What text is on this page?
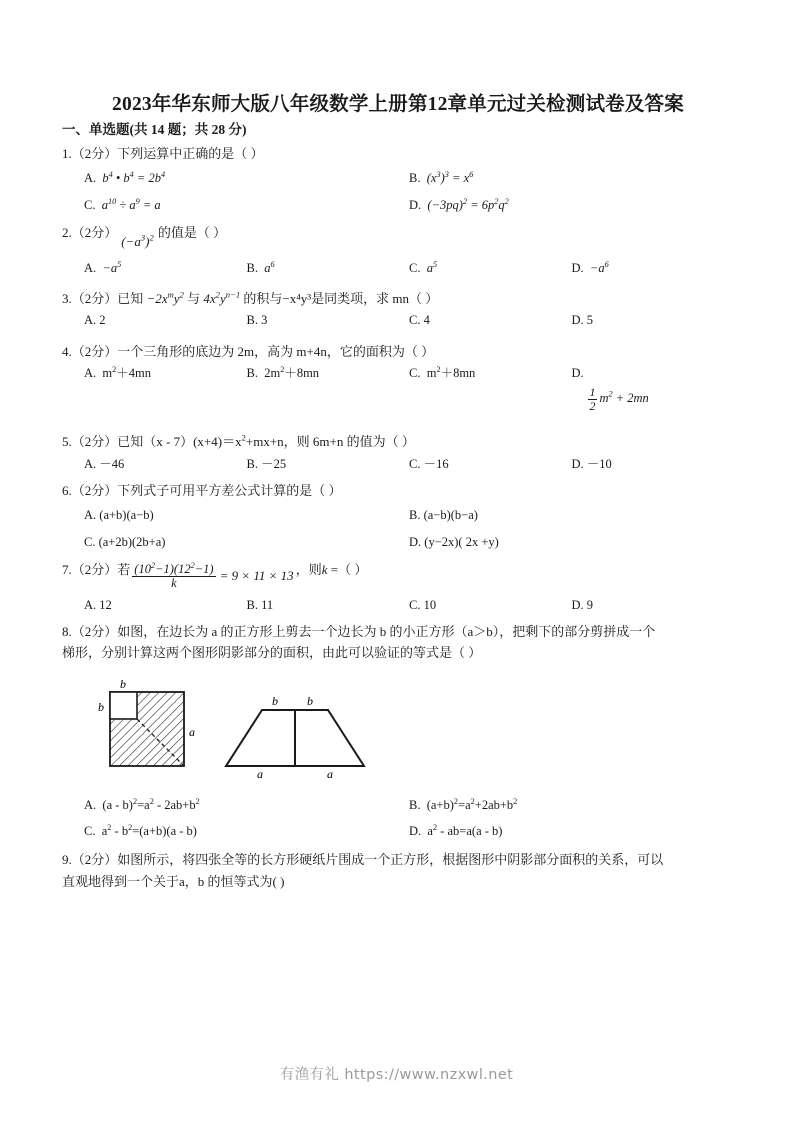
2023年华东师大版八年级数学上册第12章单元过关检测试卷及答案
一、单选题(共 14 题；共 28 分)
1.（2分）下列运算中正确的是（ ）
A. $b^4$ • $b^4 = 2b^4$	B. $(x^3)^3 = x^6$
C. $a^{10} \div a^9 = a$	D. $(-3pq)^2 = 6p^2q^2$
2. （2分）
$(-a^3)^2$ 的值是（ ）
A. $-a^5$	B. $a^6$	C. $a^5$	D. $-a^6$
3.（2分）已知 $-2x^my^2$ 与 $4x^2y^{n-1}$ 的积与−x⁴y³是同类项，求 mn（ ）
A. 2	B. 3	C. 4	D. 5
4.（2分）一个三角形的底边为 2m，高为 m+4n，它的面积为（ ）
A. $m^2+4mn$	B. $2m^2+8mn$	C. $m^2+8mn$	D.

$\frac{1}{2} m^2 + 2mn$
5.（2分）已知$(x - 7)(x+4)=x^2+mx+n$，则 6m+n 的值为（ ）
A. －46	B. －25	C. －16	D. －10
6.（2分）下列式子可用平方差公式计算的是（ ）
A. (a+b)(a−b)	B. (a−b)(b−a)
C. (a+2b)(2b+a)	D. (y−2x)( 2x +y)
7. （2分） 若 $\frac{(10^2-1)(12^2-1)}{k} = 9 \times 11 \times 13$ ，则k =（ ）
A. 12	B. 11	C. 10	D. 9
8.（2分）如图，在边长为 a 的正方形上剪去一个边长为 b 的小正方形（a＞b），把剩下的部分剪拼成一个
梯形，分别计算这两个图形阴影部分的面积，由此可以验证的等式是（ ）
b
b
a
b b
a	a
A. $(a - b)^2=a^2 - 2ab+b^2$	B. $(a+b)^2=a^2+2ab+b^2$
C. $a^2 - b^2=(a+b)(a - b)$	D. $a^2 - ab=a(a - b)$
9.（2分）如图所示，将四张全等的长方形硬纸片围成一个正方形，根据图形中阴影部分面积的关系，可以
直观地得到一个关于a，b 的恒等式为( )
有渔有礼 https://www.nzxwl.net
